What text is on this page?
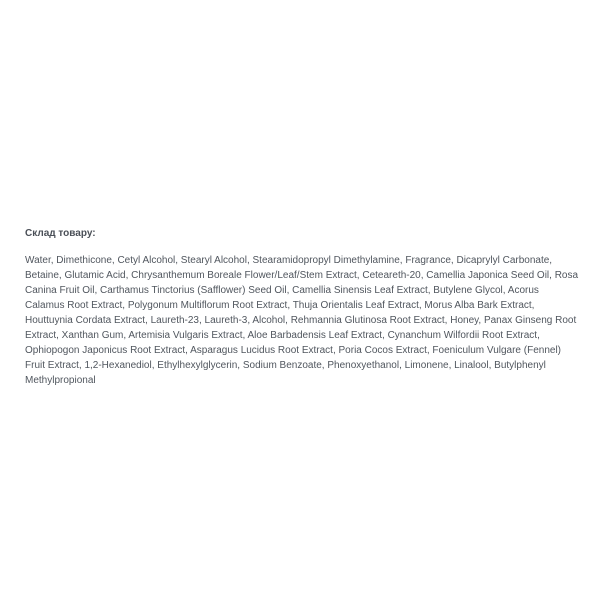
Склад товару:

Water, Dimethicone, Cetyl Alcohol, Stearyl Alcohol, Stearamidopropyl Dimethylamine, Fragrance, Dicaprylyl Carbonate, Betaine, Glutamic Acid, Chrysanthemum Boreale Flower/Leaf/Stem Extract, Ceteareth-20, Camellia Japonica Seed Oil, Rosa Canina Fruit Oil, Carthamus Tinctorius (Safflower) Seed Oil, Camellia Sinensis Leaf Extract, Butylene Glycol, Acorus Calamus Root Extract, Polygonum Multiflorum Root Extract, Thuja Orientalis Leaf Extract, Morus Alba Bark Extract, Houttuynia Cordata Extract, Laureth-23, Laureth-3, Alcohol, Rehmannia Glutinosa Root Extract, Honey, Panax Ginseng Root Extract, Xanthan Gum, Artemisia Vulgaris Extract, Aloe Barbadensis Leaf Extract, Cynanchum Wilfordii Root Extract, Ophiopogon Japonicus Root Extract, Asparagus Lucidus Root Extract, Poria Cocos Extract, Foeniculum Vulgare (Fennel) Fruit Extract, 1,2-Hexanediol, Ethylhexylglycerin, Sodium Benzoate, Phenoxyethanol, Limonene, Linalool, Butylphenyl Methylpropional
